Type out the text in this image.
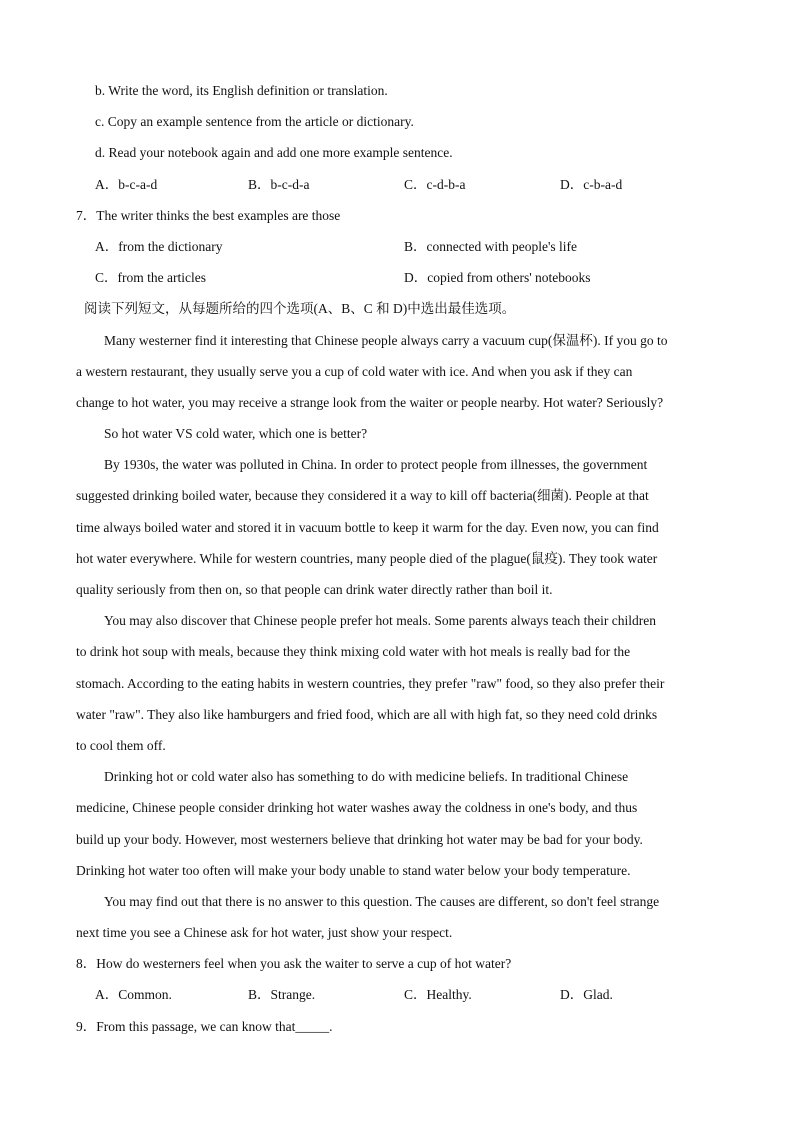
b. Write the word, its English definition or translation.
c. Copy an example sentence from the article or dictionary.
d. Read your notebook again and add one more example sentence.
A．b-c-a-d	B．b-c-d-a	C．c-d-b-a	D．c-b-a-d
7．The writer thinks the best examples are those
A．from the dictionary	B．connected with people's life
C．from the articles	D．copied from others' notebooks
阅读下列短文，从每题所给的四个选项(A、B、C 和 D)中选出最佳选项。
Many westerner find it interesting that Chinese people always carry a vacuum cup(保温杯). If you go to
a western restaurant, they usually serve you a cup of cold water with ice. And when you ask if they can
change to hot water, you may receive a strange look from the waiter or people nearby. Hot water? Seriously?
So hot water VS cold water, which one is better?
By 1930s, the water was polluted in China. In order to protect people from illnesses, the government
suggested drinking boiled water, because they considered it a way to kill off bacteria(细菌). People at that
time always boiled water and stored it in vacuum bottle to keep it warm for the day. Even now, you can find
hot water everywhere. While for western countries, many people died of the plague(鼠疫). They took water
quality seriously from then on, so that people can drink water directly rather than boil it.
You may also discover that Chinese people prefer hot meals. Some parents always teach their children
to drink hot soup with meals, because they think mixing cold water with hot meals is really bad for the
stomach. According to the eating habits in western countries, they prefer "raw" food, so they also prefer their
water "raw". They also like hamburgers and fried food, which are all with high fat, so they need cold drinks
to cool them off.
Drinking hot or cold water also has something to do with medicine beliefs. In traditional Chinese
medicine, Chinese people consider drinking hot water washes away the coldness in one's body, and thus
build up your body. However, most westerners believe that drinking hot water may be bad for your body.
Drinking hot water too often will make your body unable to stand water below your body temperature.
You may find out that there is no answer to this question. The causes are different, so don't feel strange
next time you see a Chinese ask for hot water, just show your respect.
8．How do westerners feel when you ask the waiter to serve a cup of hot water?
A．Common.	B．Strange.	C．Healthy.	D．Glad.
9．From this passage, we can know that_____.
